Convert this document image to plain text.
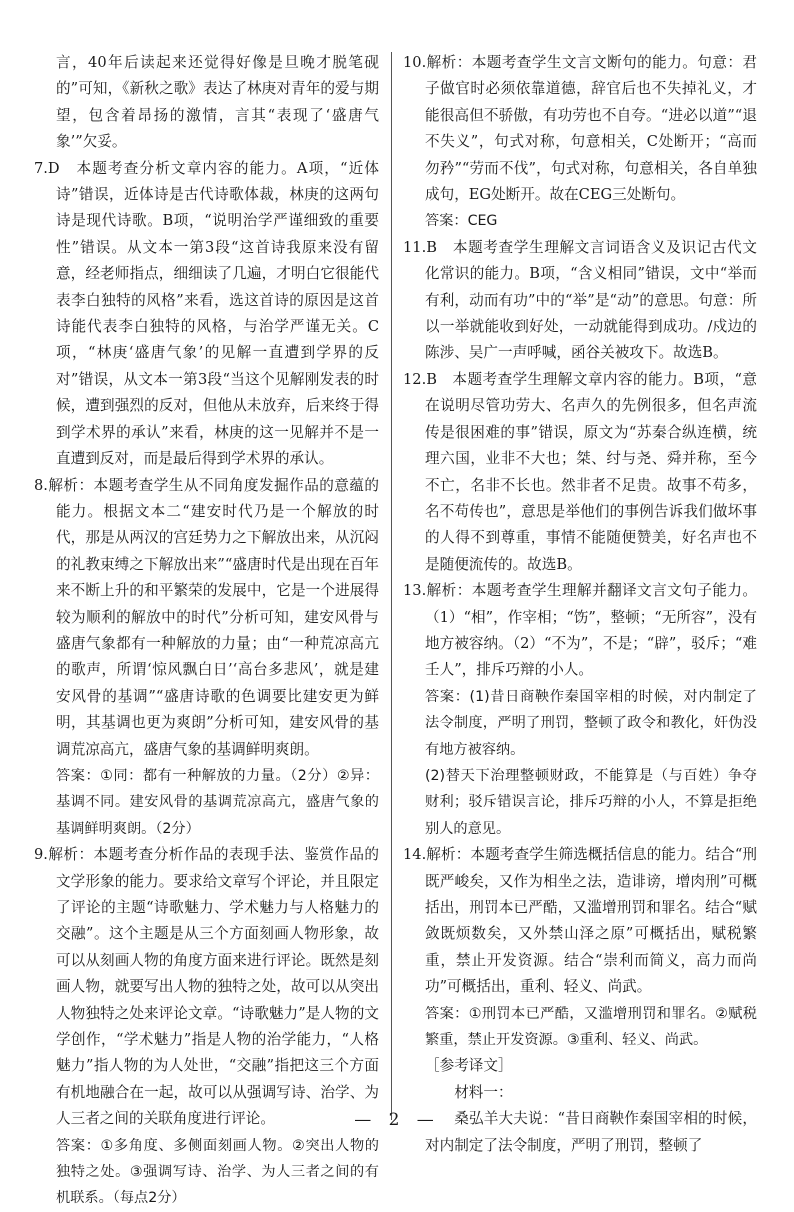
言，40年后读起来还觉得好像是旦晚才脱笔砚的”可知，《新秋之歌》表达了林庚对青年的爱与期望，包含着昂扬的激情，言其“表现了‘盛唐气象’”欠妥。

7.D　本题考查分析文章内容的能力。A项，“近体诗”错误，近体诗是古代诗歌体裁，林庚的这两句诗是现代诗歌。B项，“说明治学严谨细致的重要性”错误。从文本一第3段“这首诗我原来没有留意，经老师指点，细细读了几遍，才明白它很能代表李白独特的风格”来看，选这首诗的原因是这首诗能代表李白独特的风格，与治学严谨无关。C项，“林庚‘盛唐气象’的见解一直遭到学界的反对”错误，从文本一第3段“当这个见解刚发表的时候，遭到强烈的反对，但他从未放弃，后来终于得到学术界的承认”来看，林庚的这一见解并不是一直遭到反对，而是最后得到学术界的承认。

8.解析：本题考查学生从不同角度发掘作品的意蕴的能力。根据文本二“建安时代乃是一个解放的时代，那是从两汉的宫廷势力之下解放出来，从沉闷的礼教束缚之下解放出来”“盛唐时代是出现在百年来不断上升的和平繁荣的发展中，它是一个进展得较为顺利的解放中的时代”分析可知，建安风骨与盛唐气象都有一种解放的力量；由“一种荒凉高亢的歌声，所谓‘惊风飘白日’‘高台多悲风’，就是建安风骨的基调”“盛唐诗歌的色调要比建安更为鲜明，其基调也更为爽朗”分析可知，建安风骨的基调荒凉高亢，盛唐气象的基调鲜明爽朗。

答案：①同：都有一种解放的力量。（2分）②异：基调不同。建安风骨的基调荒凉高亢，盛唐气象的基调鲜明爽朗。（2分）

9.解析：本题考查分析作品的表现手法、鉴赏作品的文学形象的能力。要求给文章写个评论，并且限定了评论的主题“诗歌魅力、学术魅力与人格魅力的交融”。这个主题是从三个方面刻画人物形象，故可以从刻画人物的角度方面来进行评论。既然是刻画人物，就要写出人物的独特之处，故可以从突出人物独特之处来评论文章。“诗歌魅力”是人物的文学创作，“学术魅力”指是人物的治学能力，“人格魅力”指人物的为人处世，“交融”指把这三个方面有机地融合在一起，故可以从强调写诗、治学、为人三者之间的关联角度进行评论。

答案：①多角度、多侧面刻画人物。②突出人物的独特之处。③强调写诗、治学、为人三者之间的有机联系。（每点2分）

10.解析：本题考查学生文言文断句的能力。句意：君子做官时必须依靠道德，辞官后也不失掉礼义，才能很高但不骄傲，有功劳也不自夸。“进必以道”“退不失义”，句式对称，句意相关，C处断开；“高而勿矜”“劳而不伐”，句式对称，句意相关，各自单独成句，EG处断开。故在CEG三处断句。

答案：CEG

11.B　本题考查学生理解文言词语含义及识记古代文化常识的能力。B项，“含义相同”错误，文中“举而有利，动而有功”中的“举”是“动”的意思。句意：所以一举就能收到好处，一动就能得到成功。/戍边的陈涉、吴广一声呼喊，函谷关被攻下。故选B。

12.B　本题考查学生理解文章内容的能力。B项，“意在说明尽管功劳大、名声久的先例很多，但名声流传是很困难的事”错误，原文为“苏秦合纵连横，统理六国，业非不大也；桀、纣与尧、舜并称，至今不亡，名非不长也。然非者不足贵。故事不苟多，名不苟传也”，意思是举他们的事例告诉我们做坏事的人得不到尊重，事情不能随便赞美，好名声也不是随便流传的。故选B。

13.解析：本题考查学生理解并翻译文言文句子能力。（1）“相”，作宰相；“饬”，整顿；“无所容”，没有地方被容纳。（2）“不为”，不是；“辟”，驳斥；“难壬人”，排斥巧辩的小人。

答案：(1)昔日商鞅作秦国宰相的时候，对内制定了法令制度，严明了刑罚，整顿了政令和教化，奸伪没有地方被容纳。

(2)替天下治理整顿财政，不能算是（与百姓）争夺财利；驳斥错误言论，排斥巧辩的小人，不算是拒绝别人的意见。

14.解析：本题考查学生筛选概括信息的能力。结合“刑既严峻矣，又作为相坐之法，造诽谤，增肉刑”可概括出，刑罚本已严酷，又滥增刑罚和罪名。结合“赋敛既烦数矣，又外禁山泽之原”可概括出，赋税繁重，禁止开发资源。结合“崇利而简义，高力而尚功”可概括出，重利、轻义、尚武。

答案：①刑罚本已严酷，又滥增刑罚和罪名。②赋税繁重，禁止开发资源。③重利、轻义、尚武。

［参考译文］

材料一：

桑弘羊大夫说：“昔日商鞅作秦国宰相的时候，对内制定了法令制度，严明了刑罚，整顿了

— 2 —
